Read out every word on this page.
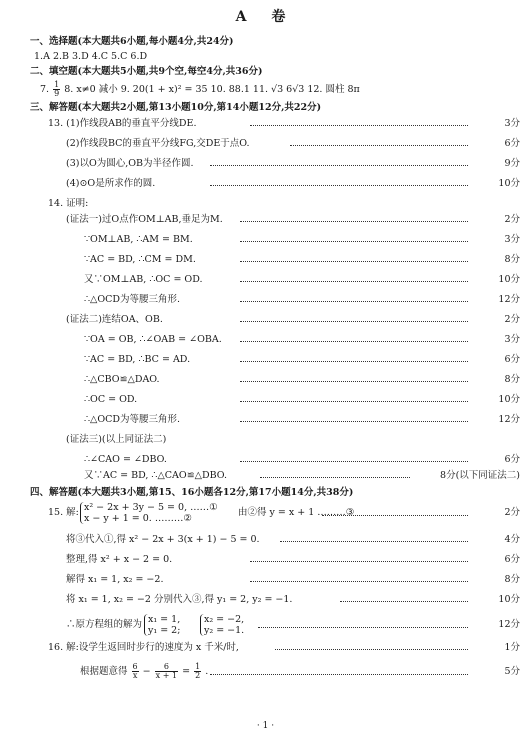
A 卷
一、选择题(本大题共6小题,每小题4分,共24分)
1.A 2.B 3.D 4.C 5.C 6.D
二、填空题(本大题共5小题,共9个空,每空4分,共36分)
7. $\frac{1}{9} 8$. x≠0 减小 9. 20(1 + x)² = 35 10. 88.1 11. √3 6√3 12. 圆柱 8π
三、解答题(本大题共2小题,第13小题10分,第14小题12分,共22分)
13. (1)作线段AB的垂直平分线DE.	3分
(2)作线段BC的垂直平分线FG,交DE于点O.	6分
(3)以O为圆心,OB为半径作圆.	9分
(4)⊙O是所求作的圆.	10分
14. 证明:
(证法一)过O点作OM⊥AB,垂足为M.	2分
∵OM⊥AB, ∴AM = BM.	3分
∵AC = BD, ∴CM = DM.	8分
又∵OM⊥AB, ∴OC = OD.	10分
∴△OCD为等腰三角形.	12分
(证法二)连结OA、OB.	2分
∵OA = OB, ∴∠OAB = ∠OBA.	3分
∵AC = BD, ∴BC = AD.	6分
∴△CBO≌△DAO.	8分
∴OC = OD.	10分
∴△OCD为等腰三角形.	12分
(证法三)(以上同证法二)
∴∠CAO = ∠DBO.	6分
又∵AC = BD, ∴△CAO≌△DBO.	8分(以下同证法二)
四、解答题(本大题共3小题,第15、16小题各12分,第17小题14分,共38分)
15. 解: x² − 2x + 3y − 5 = 0, ……①
x − y + 1 = 0. ………②	由②得 y = x + 1 ………③	2分
将③代入①,得 x² − 2x + 3(x + 1) − 5 = 0.	4分
整理,得 x² + x − 2 = 0.	6分
解得 x₁ = 1, x₂ = −2.	8分
将 x₁ = 1, x₂ = −2 分别代入③,得 y₁ = 2, y₂ = −1.	10分
∴原方程组的解为 x₁ = 1,
y₁ = 2;
x₂ = −2,
y₂ = −1.	12分
16. 解:设学生返回时步行的速度为 x 千米/时,	1分
根据题意得 $\frac{6}{x} - \frac{6}{x + 1} = \frac{1}{2}$ .	5分
· 1 ·
